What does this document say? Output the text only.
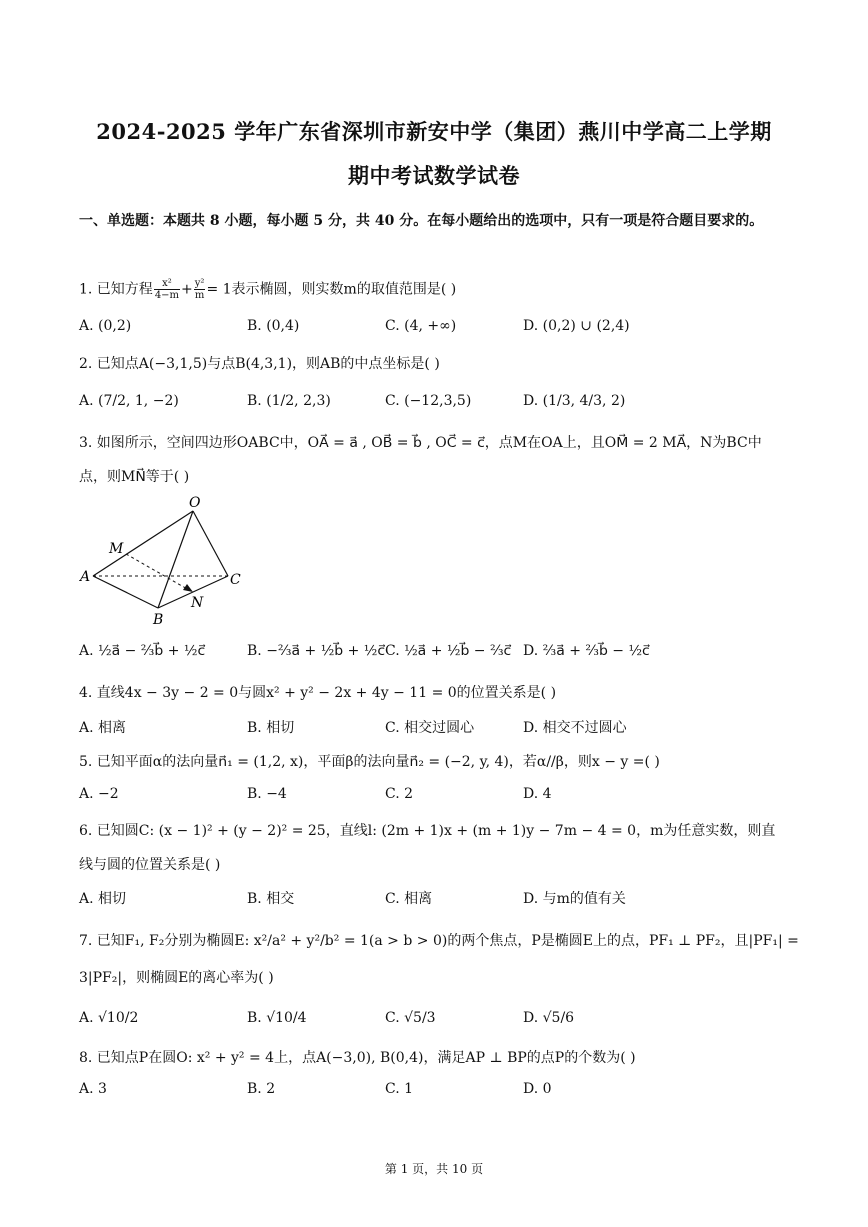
2024-2025 学年广东省深圳市新安中学（集团）燕川中学高二上学期
期中考试数学试卷
一、单选题：本题共 8 小题，每小题 5 分，共 40 分。在每小题给出的选项中，只有一项是符合题目要求的。
1. 已知方程 $\frac{\text{x²}}{4-m} + \frac{\text{y²}}{m} = 1$表示椭圆，则实数m的取值范围是( )
A. (0,2)	B. (0,4)	C. (4, +∞)	D. (0,2) ∪ (2,4)
2. 已知点A(−3,1,5)与点B(4,3,1)，则AB的中点坐标是( )
A. (7/2, 1, −2)	B. (1/2, 2,3)	C. (−12,3,5)	D. (1/3, 4/3, 2)
3. 如图所示，空间四边形OABC中，OA⃗ = a⃗ , OB⃗ = b⃗ , OC⃗ = c⃗，点M在OA上，且OM⃗ = 2 MA⃗，N为BC中
点，则MN⃗等于( )
O
M
A
B
C
N
A. ½a⃗ − ⅔b⃗ + ½c⃗	B. −⅔a⃗ + ½b⃗ + ½c⃗ C. ½a⃗ + ½b⃗ − ⅔c⃗ D. ⅔a⃗ + ⅔b⃗ − ½c⃗
4. 直线4x − 3y − 2 = 0与圆x² + y² − 2x + 4y − 11 = 0的位置关系是( )
A. 相离	B. 相切	C. 相交过圆心	D. 相交不过圆心
5. 已知平面α的法向量n⃗₁ = (1,2, x)，平面β的法向量n⃗₂ = (−2, y, 4)，若α//β，则x − y =( )
A. −2	B. −4	C. 2	D. 4
6. 已知圆C: (x − 1)² + (y − 2)² = 25，直线l: (2m + 1)x + (m + 1)y − 7m − 4 = 0，m为任意实数，则直
线与圆的位置关系是( )
A. 相切	B. 相交	C. 相离	D. 与m的值有关
7. 已知F₁, F₂分别为椭圆E: x²/a² + y²/b² = 1(a > b > 0)的两个焦点，P是椭圆E上的点，PF₁ ⊥ PF₂，且|PF₁| =
3|PF₂|，则椭圆E的离心率为( )
A. √10/2	B. √10/4	C. √5/3	D. √5/6
8. 已知点P在圆O: x² + y² = 4上，点A(−3,0), B(0,4)，满足AP ⊥ BP的点P的个数为( )
A. 3	B. 2	C. 1	D. 0
第 1 页，共 10 页
